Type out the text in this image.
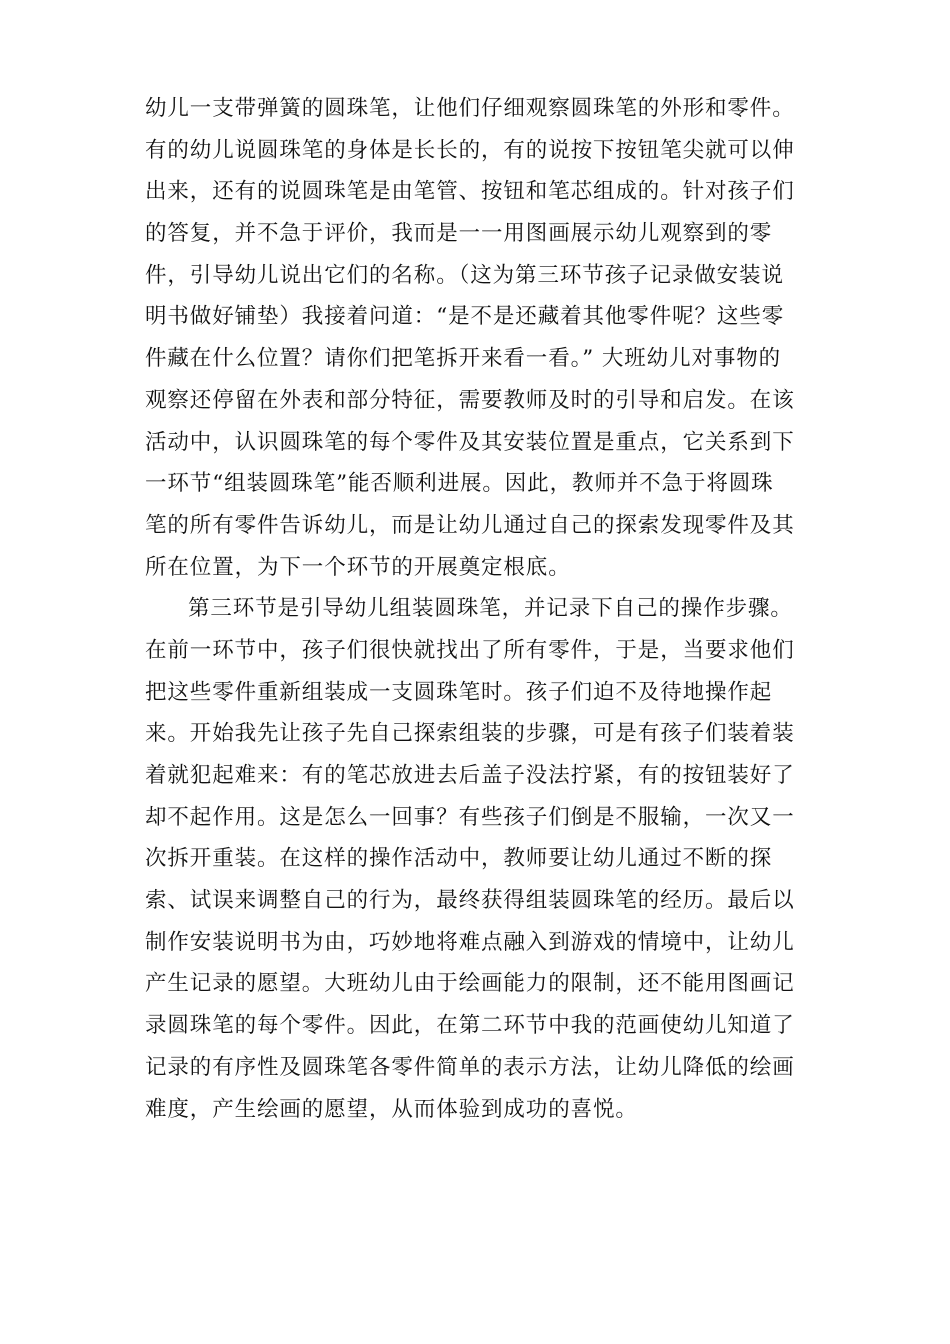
幼儿一支带弹簧的圆珠笔，让他们仔细观察圆珠笔的外形和零件。
有的幼儿说圆珠笔的身体是长长的，有的说按下按钮笔尖就可以伸
出来，还有的说圆珠笔是由笔管、按钮和笔芯组成的。针对孩子们
的答复，并不急于评价，我而是一一用图画展示幼儿观察到的零
件，引导幼儿说出它们的名称。（这为第三环节孩子记录做安装说
明书做好铺垫）我接着问道：“是不是还藏着其他零件呢？这些零
件藏在什么位置？请你们把笔拆开来看一看。” 大班幼儿对事物的
观察还停留在外表和部分特征，需要教师及时的引导和启发。在该
活动中，认识圆珠笔的每个零件及其安装位置是重点，它关系到下
一环节“组装圆珠笔”能否顺利进展。因此，教师并不急于将圆珠
笔的所有零件告诉幼儿，而是让幼儿通过自己的探索发现零件及其
所在位置，为下一个环节的开展奠定根底。
第三环节是引导幼儿组装圆珠笔，并记录下自己的操作步骤。
在前一环节中，孩子们很快就找出了所有零件，于是，当要求他们
把这些零件重新组装成一支圆珠笔时。孩子们迫不及待地操作起
来。开始我先让孩子先自己探索组装的步骤，可是有孩子们装着装
着就犯起难来：有的笔芯放进去后盖子没法拧紧，有的按钮装好了
却不起作用。这是怎么一回事？有些孩子们倒是不服输，一次又一
次拆开重装。在这样的操作活动中，教师要让幼儿通过不断的探
索、试误来调整自己的行为，最终获得组装圆珠笔的经历。最后以
制作安装说明书为由，巧妙地将难点融入到游戏的情境中，让幼儿
产生记录的愿望。大班幼儿由于绘画能力的限制，还不能用图画记
录圆珠笔的每个零件。因此，在第二环节中我的范画使幼儿知道了
记录的有序性及圆珠笔各零件简单的表示方法，让幼儿降低的绘画
难度，产生绘画的愿望，从而体验到成功的喜悦。
